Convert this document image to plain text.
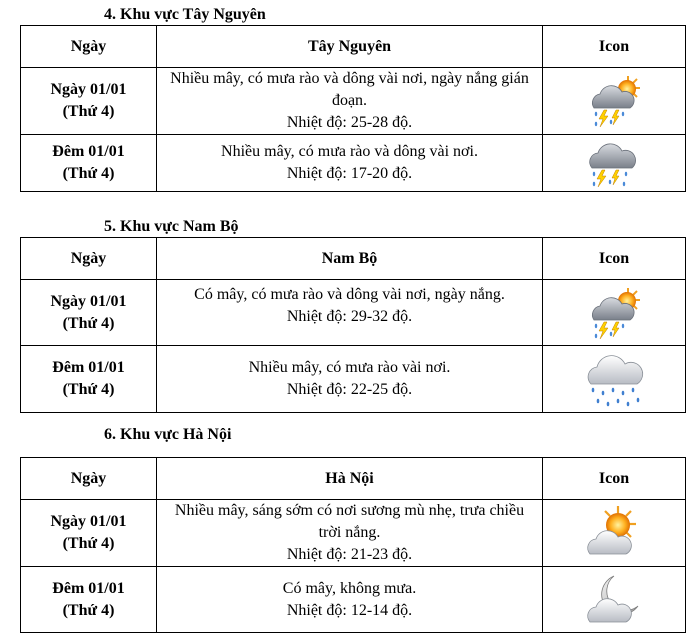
4. Khu vực Tây Nguyên
Ngày	Tây Nguyên	Icon

Ngày 01/01
(Thứ 4)	Nhiều mây, có mưa rào và dông vài nơi, ngày nắng gián đoạn.
Nhiệt độ: 25-28 độ.

Đêm 01/01
(Thứ 4)	Nhiều mây, có mưa rào và dông vài nơi.
Nhiệt độ: 17-20 độ.

5. Khu vực Nam Bộ
Ngày	Nam Bộ	Icon

Ngày 01/01
(Thứ 4)	Có mây, có mưa rào và dông vài nơi, ngày nắng.
Nhiệt độ: 29-32 độ.

Đêm 01/01
(Thứ 4)	Nhiều mây, có mưa rào vài nơi.
Nhiệt độ: 22-25 độ.

6. Khu vực Hà Nội
Ngày	Hà Nội	Icon

Ngày 01/01
(Thứ 4)	Nhiều mây, sáng sớm có nơi sương mù nhẹ, trưa chiều trời nắng.
Nhiệt độ: 21-23 độ.

Đêm 01/01
(Thứ 4)	Có mây, không mưa.
Nhiệt độ: 12-14 độ.
